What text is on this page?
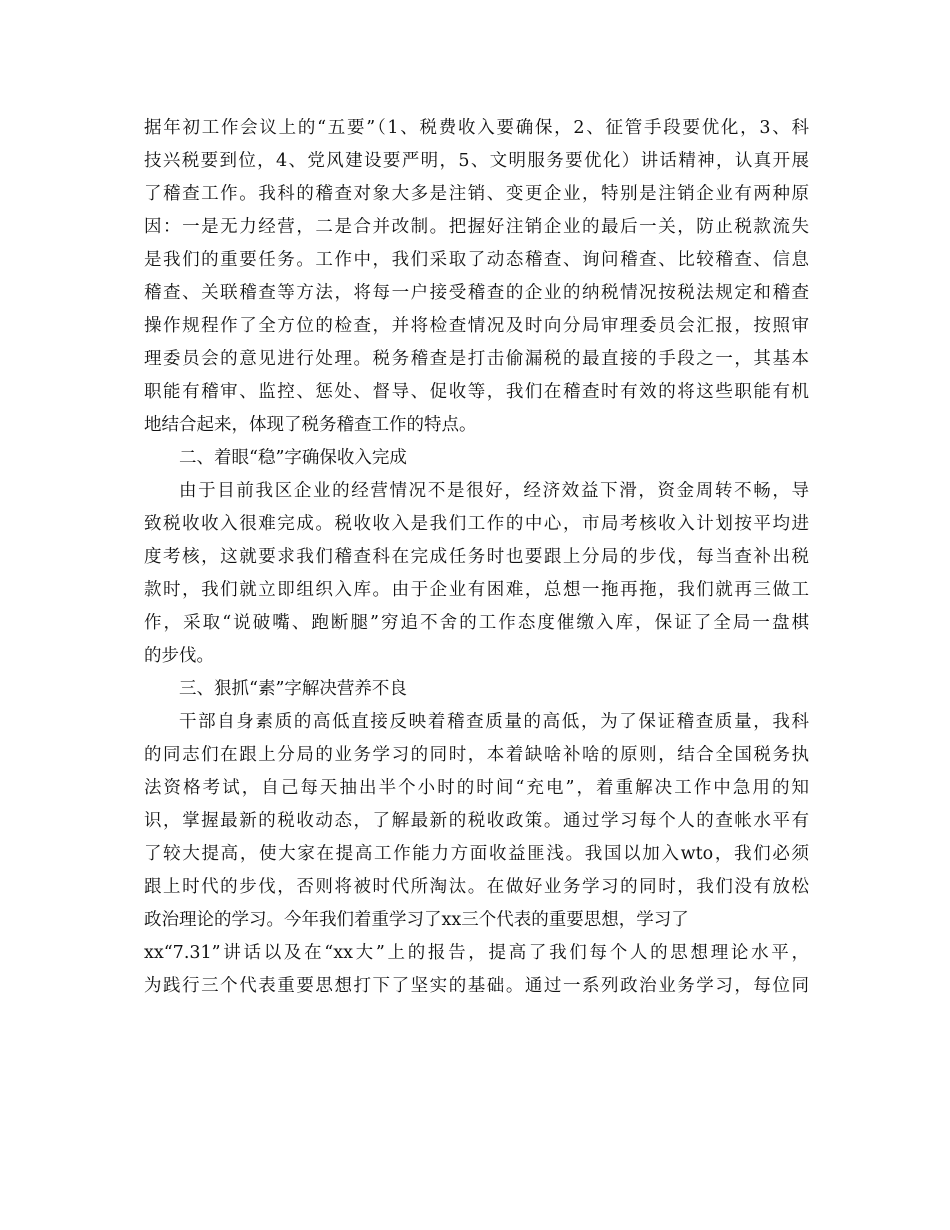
据年初工作会议上的“五要”（1、税费收入要确保，2、征管手段要优化，3、科
技兴税要到位，4、党风建设要严明，5、文明服务要优化）讲话精神，认真开展
了稽查工作。我科的稽查对象大多是注销、变更企业，特别是注销企业有两种原
因：一是无力经营，二是合并改制。把握好注销企业的最后一关，防止税款流失
是我们的重要任务。工作中，我们采取了动态稽查、询问稽查、比较稽查、信息
稽查、关联稽查等方法，将每一户接受稽查的企业的纳税情况按税法规定和稽查
操作规程作了全方位的检查，并将检查情况及时向分局审理委员会汇报，按照审
理委员会的意见进行处理。税务稽查是打击偷漏税的最直接的手段之一，其基本
职能有稽审、监控、惩处、督导、促收等，我们在稽查时有效的将这些职能有机
地结合起来，体现了税务稽查工作的特点。
二、着眼“稳”字确保收入完成
由于目前我区企业的经营情况不是很好，经济效益下滑，资金周转不畅，导
致税收收入很难完成。税收收入是我们工作的中心，市局考核收入计划按平均进
度考核，这就要求我们稽查科在完成任务时也要跟上分局的步伐，每当查补出税
款时，我们就立即组织入库。由于企业有困难，总想一拖再拖，我们就再三做工
作，采取“说破嘴、跑断腿”穷追不舍的工作态度催缴入库，保证了全局一盘棋
的步伐。
三、狠抓“素”字解决营养不良
干部自身素质的高低直接反映着稽查质量的高低，为了保证稽查质量，我科
的同志们在跟上分局的业务学习的同时，本着缺啥补啥的原则，结合全国税务执
法资格考试，自己每天抽出半个小时的时间“充电”，着重解决工作中急用的知
识，掌握最新的税收动态，了解最新的税收政策。通过学习每个人的查帐水平有
了较大提高，使大家在提高工作能力方面收益匪浅。我国以加入wto，我们必须
跟上时代的步伐，否则将被时代所淘汰。在做好业务学习的同时，我们没有放松
政治理论的学习。今年我们着重学习了xx三个代表的重要思想，学习了
xx“7.31”讲话以及在“xx大”上的报告，提高了我们每个人的思想理论水平，
为践行三个代表重要思想打下了坚实的基础。通过一系列政治业务学习，每位同
